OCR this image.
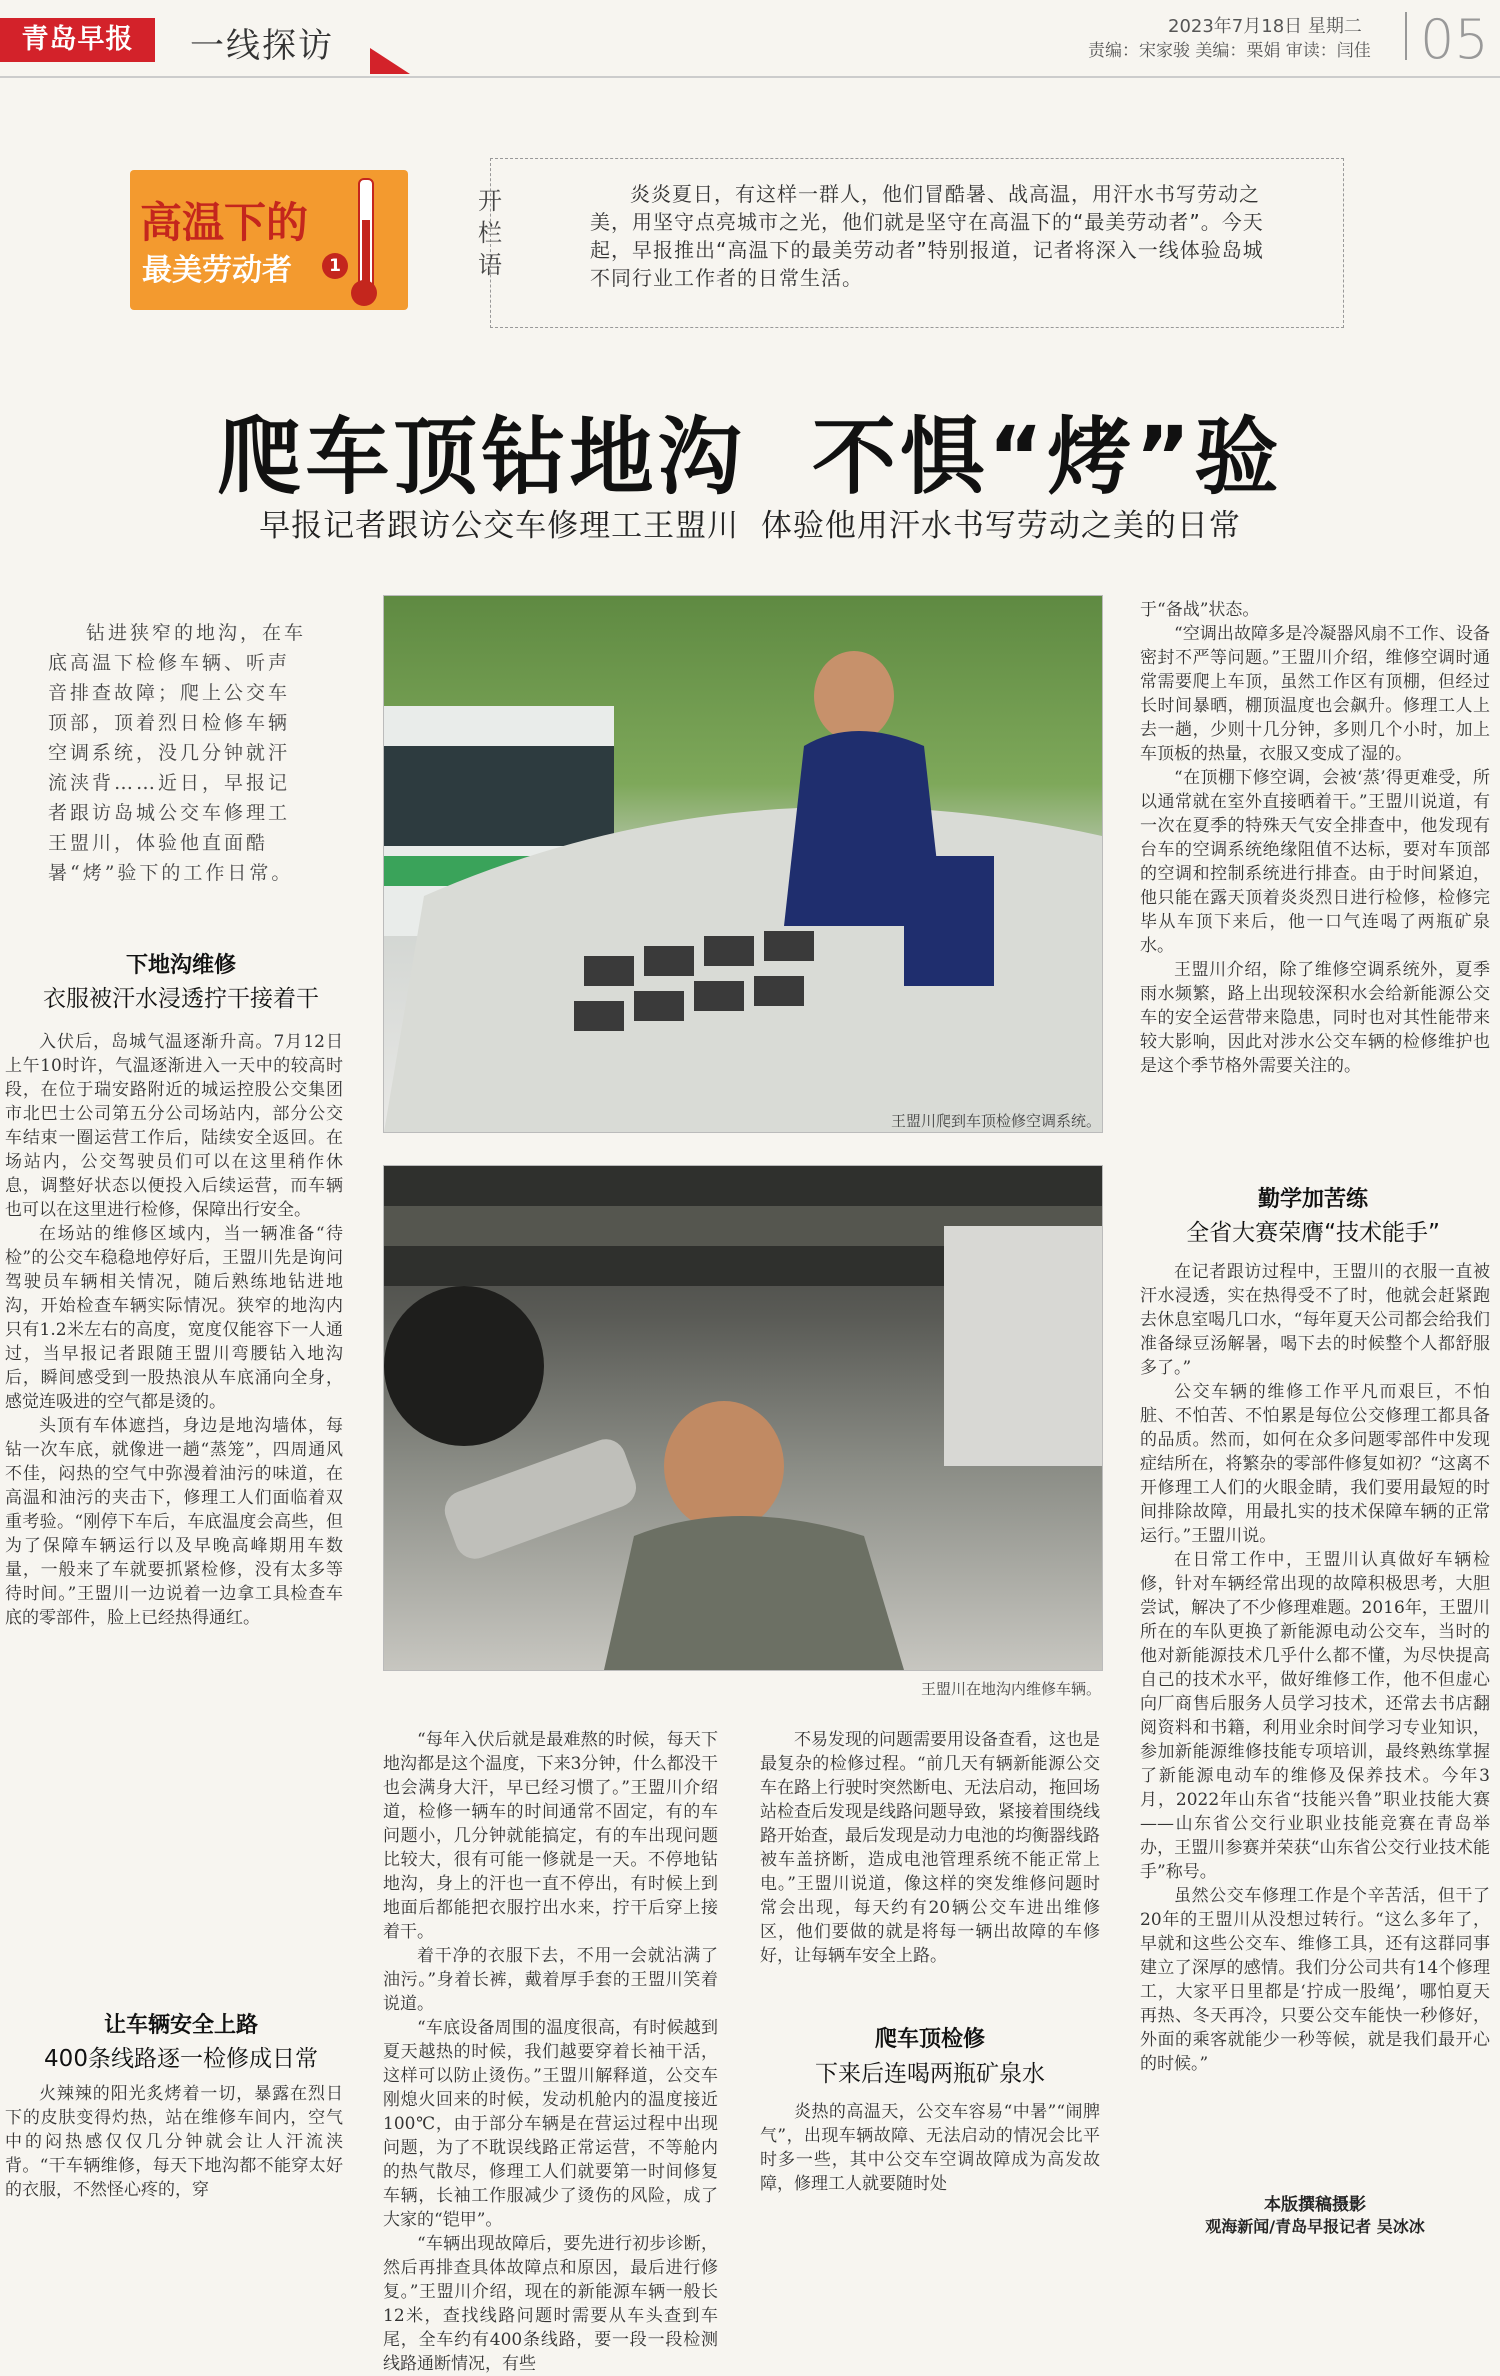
青岛早报	一线探访	2023年7月18日 星期二
责编：宋家骏 美编：栗娟 审读：闫佳 05
高温下的
最美劳动者	1
开栏语
炎炎夏日，有这样一群人，他们冒酷暑、战高温，用汗水书写劳动之美，用坚守点亮城市之光，他们就是坚守在高温下的“最美劳动者”。今天起，早报推出“高温下的最美劳动者”特别报道，记者将深入一线体验岛城不同行业工作者的日常生活。
爬车顶钻地沟  不惧“烤”验
早报记者跟访公交车修理工王盟川  体验他用汗水书写劳动之美的日常
钻进狭窄的地沟，在车底高温下检修车辆、听声音排查故障；爬上公交车顶部，顶着烈日检修车辆空调系统，没几分钟就汗流浃背……近日，早报记者跟访岛城公交车修理工王盟川，体验他直面酷暑“烤”验下的工作日常。
下地沟维修
衣服被汗水浸透拧干接着干

入伏后，岛城气温逐渐升高。7月12日上午10时许，气温逐渐进入一天中的较高时段，在位于瑞安路附近的城运控股公交集团市北巴士公司第五分公司场站内，部分公交车结束一圈运营工作后，陆续安全返回。在场站内，公交驾驶员们可以在这里稍作休息，调整好状态以便投入后续运营，而车辆也可以在这里进行检修，保障出行安全。

在场站的维修区域内，当一辆准备“待检”的公交车稳稳地停好后，王盟川先是询问驾驶员车辆相关情况，随后熟练地钻进地沟，开始检查车辆实际情况。狭窄的地沟内只有1.2米左右的高度，宽度仅能容下一人通过，当早报记者跟随王盟川弯腰钻入地沟后，瞬间感受到一股热浪从车底涌向全身，感觉连吸进的空气都是烫的。

头顶有车体遮挡，身边是地沟墙体，每钻一次车底，就像进一趟“蒸笼”，四周通风不佳，闷热的空气中弥漫着油污的味道，在高温和油污的夹击下，修理工人们面临着双重考验。“刚停下车后，车底温度会高些，但为了保障车辆运行以及早晚高峰期用车数量，一般来了车就要抓紧检修，没有太多等待时间。”王盟川一边说着一边拿工具检查车底的零部件，脸上已经热得通红。

让车辆安全上路
400条线路逐一检修成日常

火辣辣的阳光炙烤着一切，暴露在烈日下的皮肤变得灼热，站在维修车间内，空气中的闷热感仅仅几分钟就会让人汗流浃背。“干车辆维修，每天下地沟都不能穿太好的衣服，不然怪心疼的，穿

王盟川爬到车顶检修空调系统。
王盟川在地沟内维修车辆。

“每年入伏后就是最难熬的时候，每天下地沟都是这个温度，下来3分钟，什么都没干也会满身大汗，早已经习惯了。”王盟川介绍道，检修一辆车的时间通常不固定，有的车问题小，几分钟就能搞定，有的车出现问题比较大，很有可能一修就是一天。不停地钻地沟，身上的汗也一直不停出，有时候上到地面后都能把衣服拧出水来，拧干后穿上接着干。

着干净的衣服下去，不用一会就沾满了油污。”身着长裤，戴着厚手套的王盟川笑着说道。

“车底设备周围的温度很高，有时候越到夏天越热的时候，我们越要穿着长袖干活，这样可以防止烫伤。”王盟川解释道，公交车刚熄火回来的时候，发动机舱内的温度接近100℃，由于部分车辆是在营运过程中出现问题，为了不耽误线路正常运营，不等舱内的热气散尽，修理工人们就要第一时间修复车辆，长袖工作服减少了烫伤的风险，成了大家的“铠甲”。

“车辆出现故障后，要先进行初步诊断，然后再排查具体故障点和原因，最后进行修复。”王盟川介绍，现在的新能源车辆一般长12米，查找线路问题时需要从车头查到车尾，全车约有400条线路，要一段一段检测线路通断情况，有些

不易发现的问题需要用设备查看，这也是最复杂的检修过程。“前几天有辆新能源公交车在路上行驶时突然断电、无法启动，拖回场站检查后发现是线路问题导致，紧接着围绕线路开始查，最后发现是动力电池的均衡器线路被车盖挤断，造成电池管理系统不能正常上电。”王盟川说道，像这样的突发维修问题时常会出现，每天约有20辆公交车进出维修区，他们要做的就是将每一辆出故障的车修好，让每辆车安全上路。

爬车顶检修
下来后连喝两瓶矿泉水

炎热的高温天，公交车容易“中暑”“闹脾气”，出现车辆故障、无法启动的情况会比平时多一些，其中公交车空调故障成为高发故障，修理工人就要随时处

于“备战”状态。

“空调出故障多是冷凝器风扇不工作、设备密封不严等问题。”王盟川介绍，维修空调时通常需要爬上车顶，虽然工作区有顶棚，但经过长时间暴晒，棚顶温度也会飙升。修理工人上去一趟，少则十几分钟，多则几个小时，加上车顶板的热量，衣服又变成了湿的。

“在顶棚下修空调，会被‘蒸’得更难受，所以通常就在室外直接晒着干。”王盟川说道，有一次在夏季的特殊天气安全排查中，他发现有台车的空调系统绝缘阻值不达标，要对车顶部的空调和控制系统进行排查。由于时间紧迫，他只能在露天顶着炎炎烈日进行检修，检修完毕从车顶下来后，他一口气连喝了两瓶矿泉水。

王盟川介绍，除了维修空调系统外，夏季雨水频繁，路上出现较深积水会给新能源公交车的安全运营带来隐患，同时也对其性能带来较大影响，因此对涉水公交车辆的检修维护也是这个季节格外需要关注的。

勤学加苦练
全省大赛荣膺“技术能手”

在记者跟访过程中，王盟川的衣服一直被汗水浸透，实在热得受不了时，他就会赶紧跑去休息室喝几口水，“每年夏天公司都会给我们准备绿豆汤解暑，喝下去的时候整个人都舒服多了。”

公交车辆的维修工作平凡而艰巨，不怕脏、不怕苦、不怕累是每位公交修理工都具备的品质。然而，如何在众多问题零部件中发现症结所在，将繁杂的零部件修复如初？“这离不开修理工人们的火眼金睛，我们要用最短的时间排除故障，用最扎实的技术保障车辆的正常运行。”王盟川说。

在日常工作中，王盟川认真做好车辆检修，针对车辆经常出现的故障积极思考，大胆尝试，解决了不少修理难题。2016年，王盟川所在的车队更换了新能源电动公交车，当时的他对新能源技术几乎什么都不懂，为尽快提高自己的技术水平，做好维修工作，他不但虚心向厂商售后服务人员学习技术，还常去书店翻阅资料和书籍，利用业余时间学习专业知识，参加新能源维修技能专项培训，最终熟练掌握了新能源电动车的维修及保养技术。今年3月，2022年山东省“技能兴鲁”职业技能大赛——山东省公交行业职业技能竞赛在青岛举办，王盟川参赛并荣获“山东省公交行业技术能手”称号。

虽然公交车修理工作是个辛苦活，但干了20年的王盟川从没想过转行。“这么多年了，早就和这些公交车、维修工具，还有这群同事建立了深厚的感情。我们分公司共有14个修理工，大家平日里都是‘拧成一股绳’，哪怕夏天再热、冬天再冷，只要公交车能快一秒修好，外面的乘客就能少一秒等候，就是我们最开心的时候。”

本版撰稿摄影
观海新闻/青岛早报记者 吴冰冰
